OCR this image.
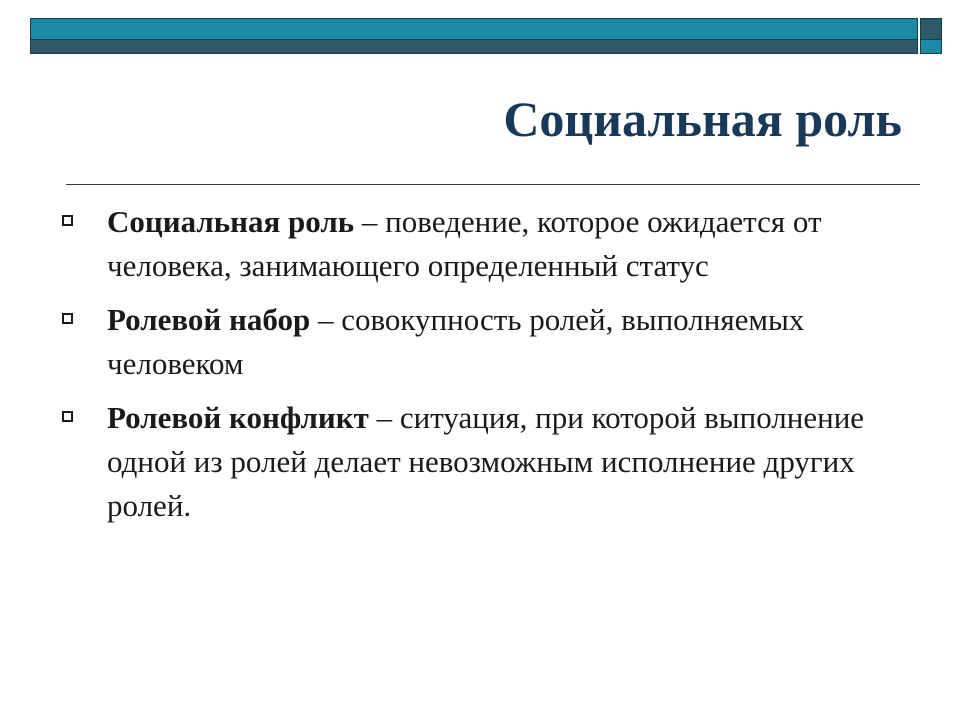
Социальная роль
Социальная роль – поведение, которое ожидается от человека, занимающего определенный статус
Ролевой набор – совокупность ролей, выполняемых человеком
Ролевой конфликт – ситуация, при которой выполнение одной из ролей делает невозможным исполнение других ролей.
